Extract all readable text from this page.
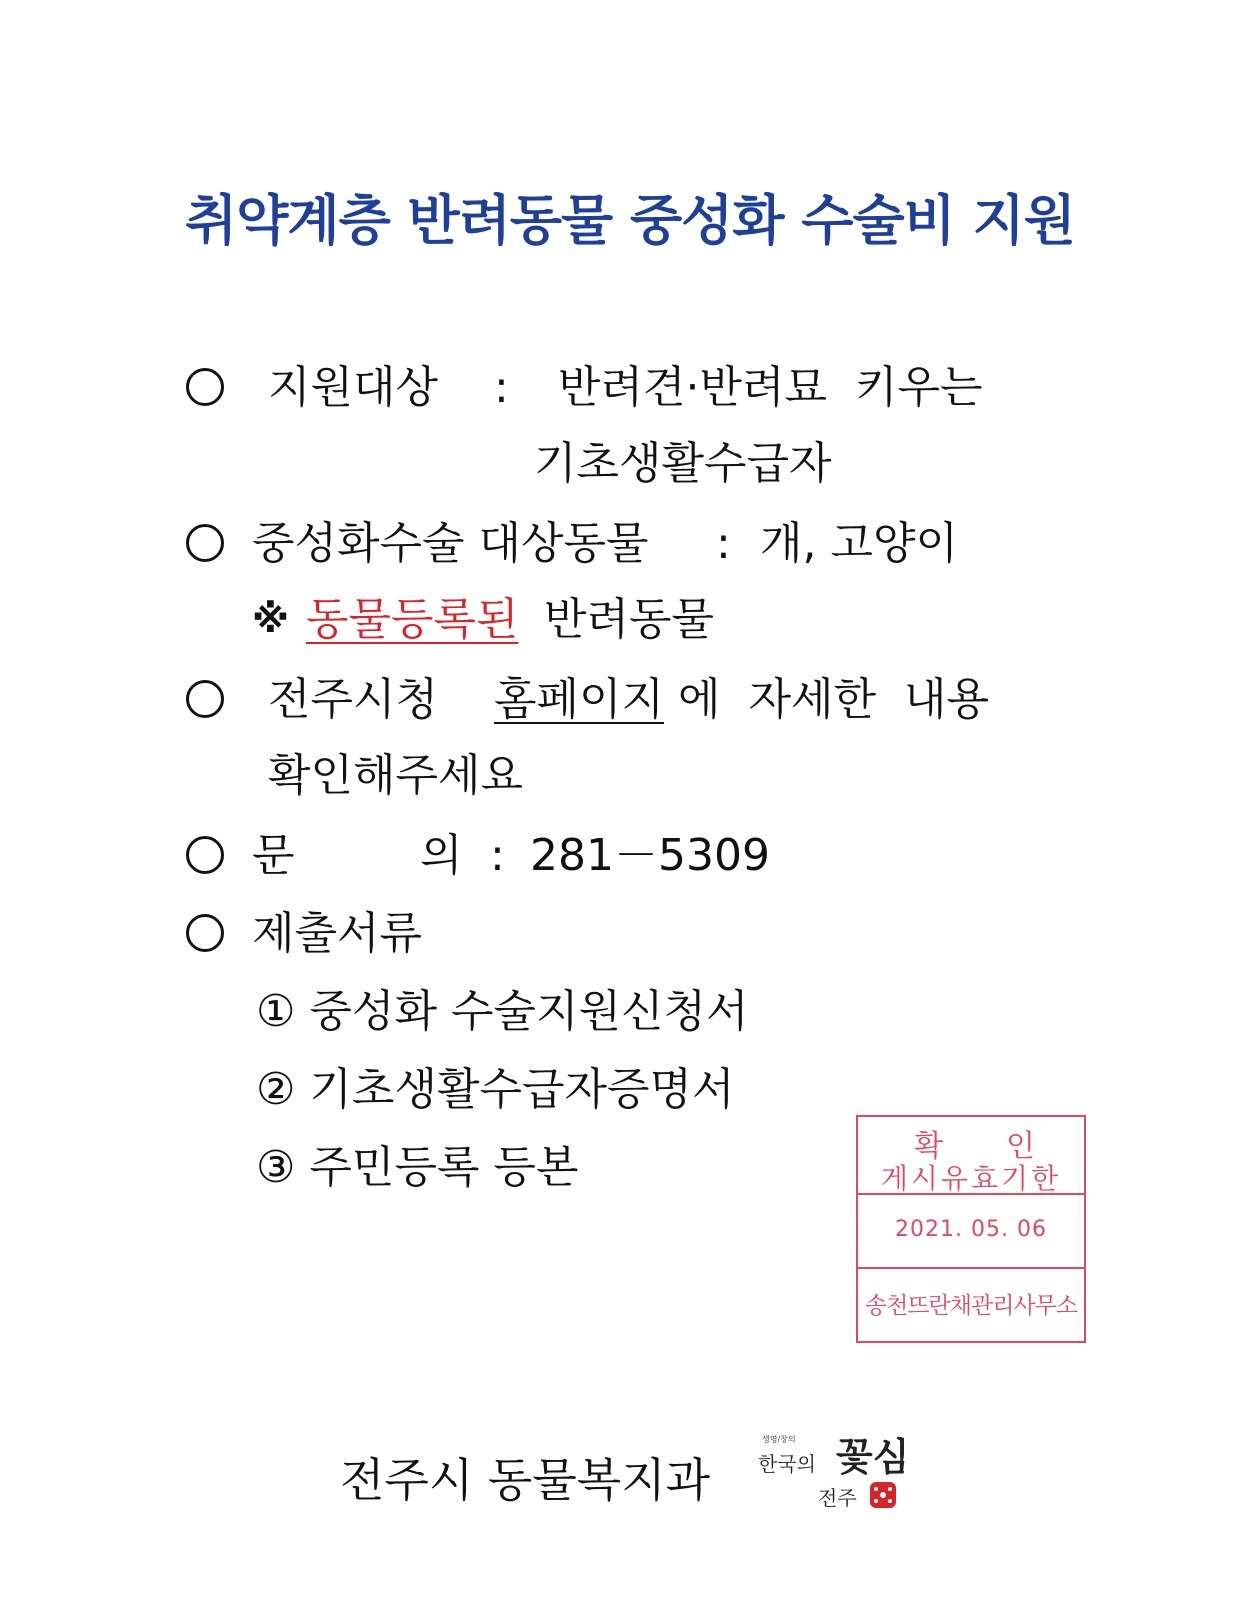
취약계층 반려동물 중성화 수술비 지원
지원대상 : 반려견·반려묘  키우는
기초생활수급자
중성화수술 대상동물 : 개, 고양이
※ 동물등록된 반려동물
전주시청 홈페이지 에  자세한  내용
확인해주세요
문	의 : 281－5309
제출서류
① 중성화 수술지원신청서
② 기초생활수급자증명서
③ 주민등록 등본	확 인
게시유효기한
2021. 05. 06
송천뜨란채관리사무소
전주시 동물복지과
생명/창의
한국의 꽃심
전주
